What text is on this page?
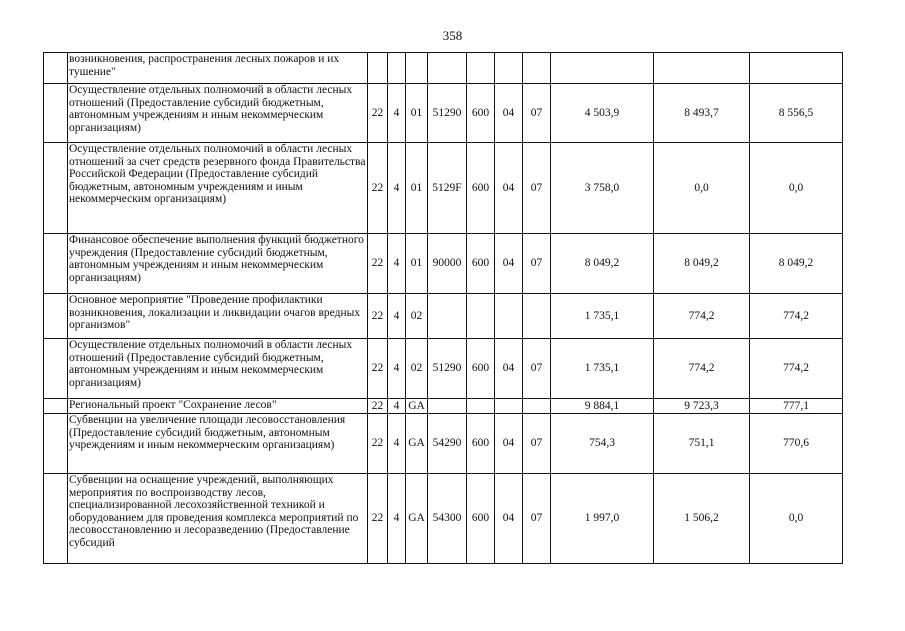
358
	возникновения, распространения лесных пожаров и их тушение"										
	Осуществление отдельных полномочий в области лесных отношений (Предоставление субсидий бюджетным, автономным учреждениям и иным некоммерческим организациям)	22	4	01	51290	600	04	07	4 503,9	8 493,7	8 556,5
	Осуществление отдельных полномочий в области лесных отношений за счет средств резервного фонда Правительства Российской Федерации (Предоставление субсидий бюджетным, автономным учреждениям и иным некоммерческим организациям)	22	4	01	5129F	600	04	07	3 758,0	0,0	0,0
	Финансовое обеспечение выполнения функций бюджетного учреждения (Предоставление субсидий бюджетным, автономным учреждениям и иным некоммерческим организациям)	22	4	01	90000	600	04	07	8 049,2	8 049,2	8 049,2
	Основное мероприятие "Проведение профилактики возникновения, локализации и ликвидации очагов вредных организмов"	22	4	02					1 735,1	774,2	774,2
	Осуществление отдельных полномочий в области лесных отношений (Предоставление субсидий бюджетным, автономным учреждениям и иным некоммерческим организациям)	22	4	02	51290	600	04	07	1 735,1	774,2	774,2
	Региональный проект "Сохранение лесов"	22	4	GA					9 884,1	9 723,3	777,1
	Субвенции на увеличение площади лесовосстановления (Предоставление субсидий бюджетным, автономным учреждениям и иным некоммерческим организациям)	22	4	GA	54290	600	04	07	754,3	751,1	770,6
	Субвенции на оснащение учреждений, выполняющих мероприятия по воспроизводству лесов, специализированной лесохозяйственной техникой и оборудованием для проведения комплекса мероприятий по лесовосстановлению и лесоразведению (Предоставление субсидий	22	4	GA	54300	600	04	07	1 997,0	1 506,2	0,0
